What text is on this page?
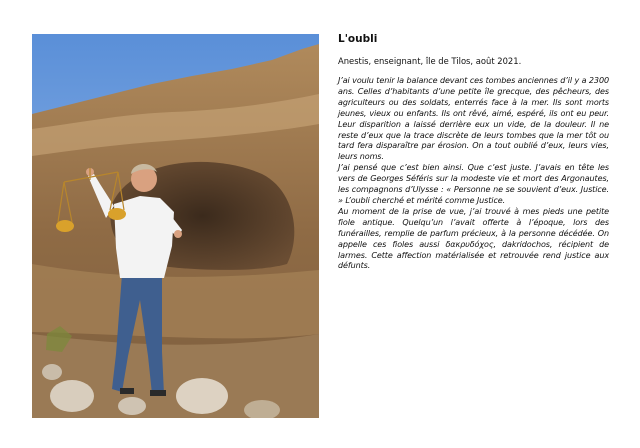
L'oubli
Anestis, enseignant, île de Tilos, août 2021.

J’ai voulu tenir la balance devant ces tombes anciennes d’il y a 2300 ans. Celles d’habitants d’une petite île grecque, des pêcheurs, des agriculteurs ou des soldats, enterrés face à la mer. Ils sont morts jeunes, vieux ou enfants. Ils ont rêvé, aimé, espéré, ils ont eu peur. Leur disparition a laissé derrière eux un vide, de la douleur. Il ne reste d’eux que la trace discrète de leurs tombes que la mer tôt ou tard fera disparaître par érosion. On a tout oublié d’eux, leurs vies, leurs noms.

J’ai pensé que c’est bien ainsi. Que c’est juste. J’avais en tête les vers de Georges Séféris sur la modeste vie et mort des Argonautes, les compagnons d’Ulysse : « Personne ne se souvient d’eux. Justice. » L’oubli cherché et mérité comme Justice.

Au moment de la prise de vue, j’ai trouvé à mes pieds une petite fiole antique. Quelqu’un l’avait offerte à l’époque, lors des funérailles, remplie de parfum précieux, à la personne décédée. On appelle ces fioles aussi δακρυδόχος, dakridochos, récipient de larmes. Cette affection matérialisée et retrouvée rend justice aux défunts.
